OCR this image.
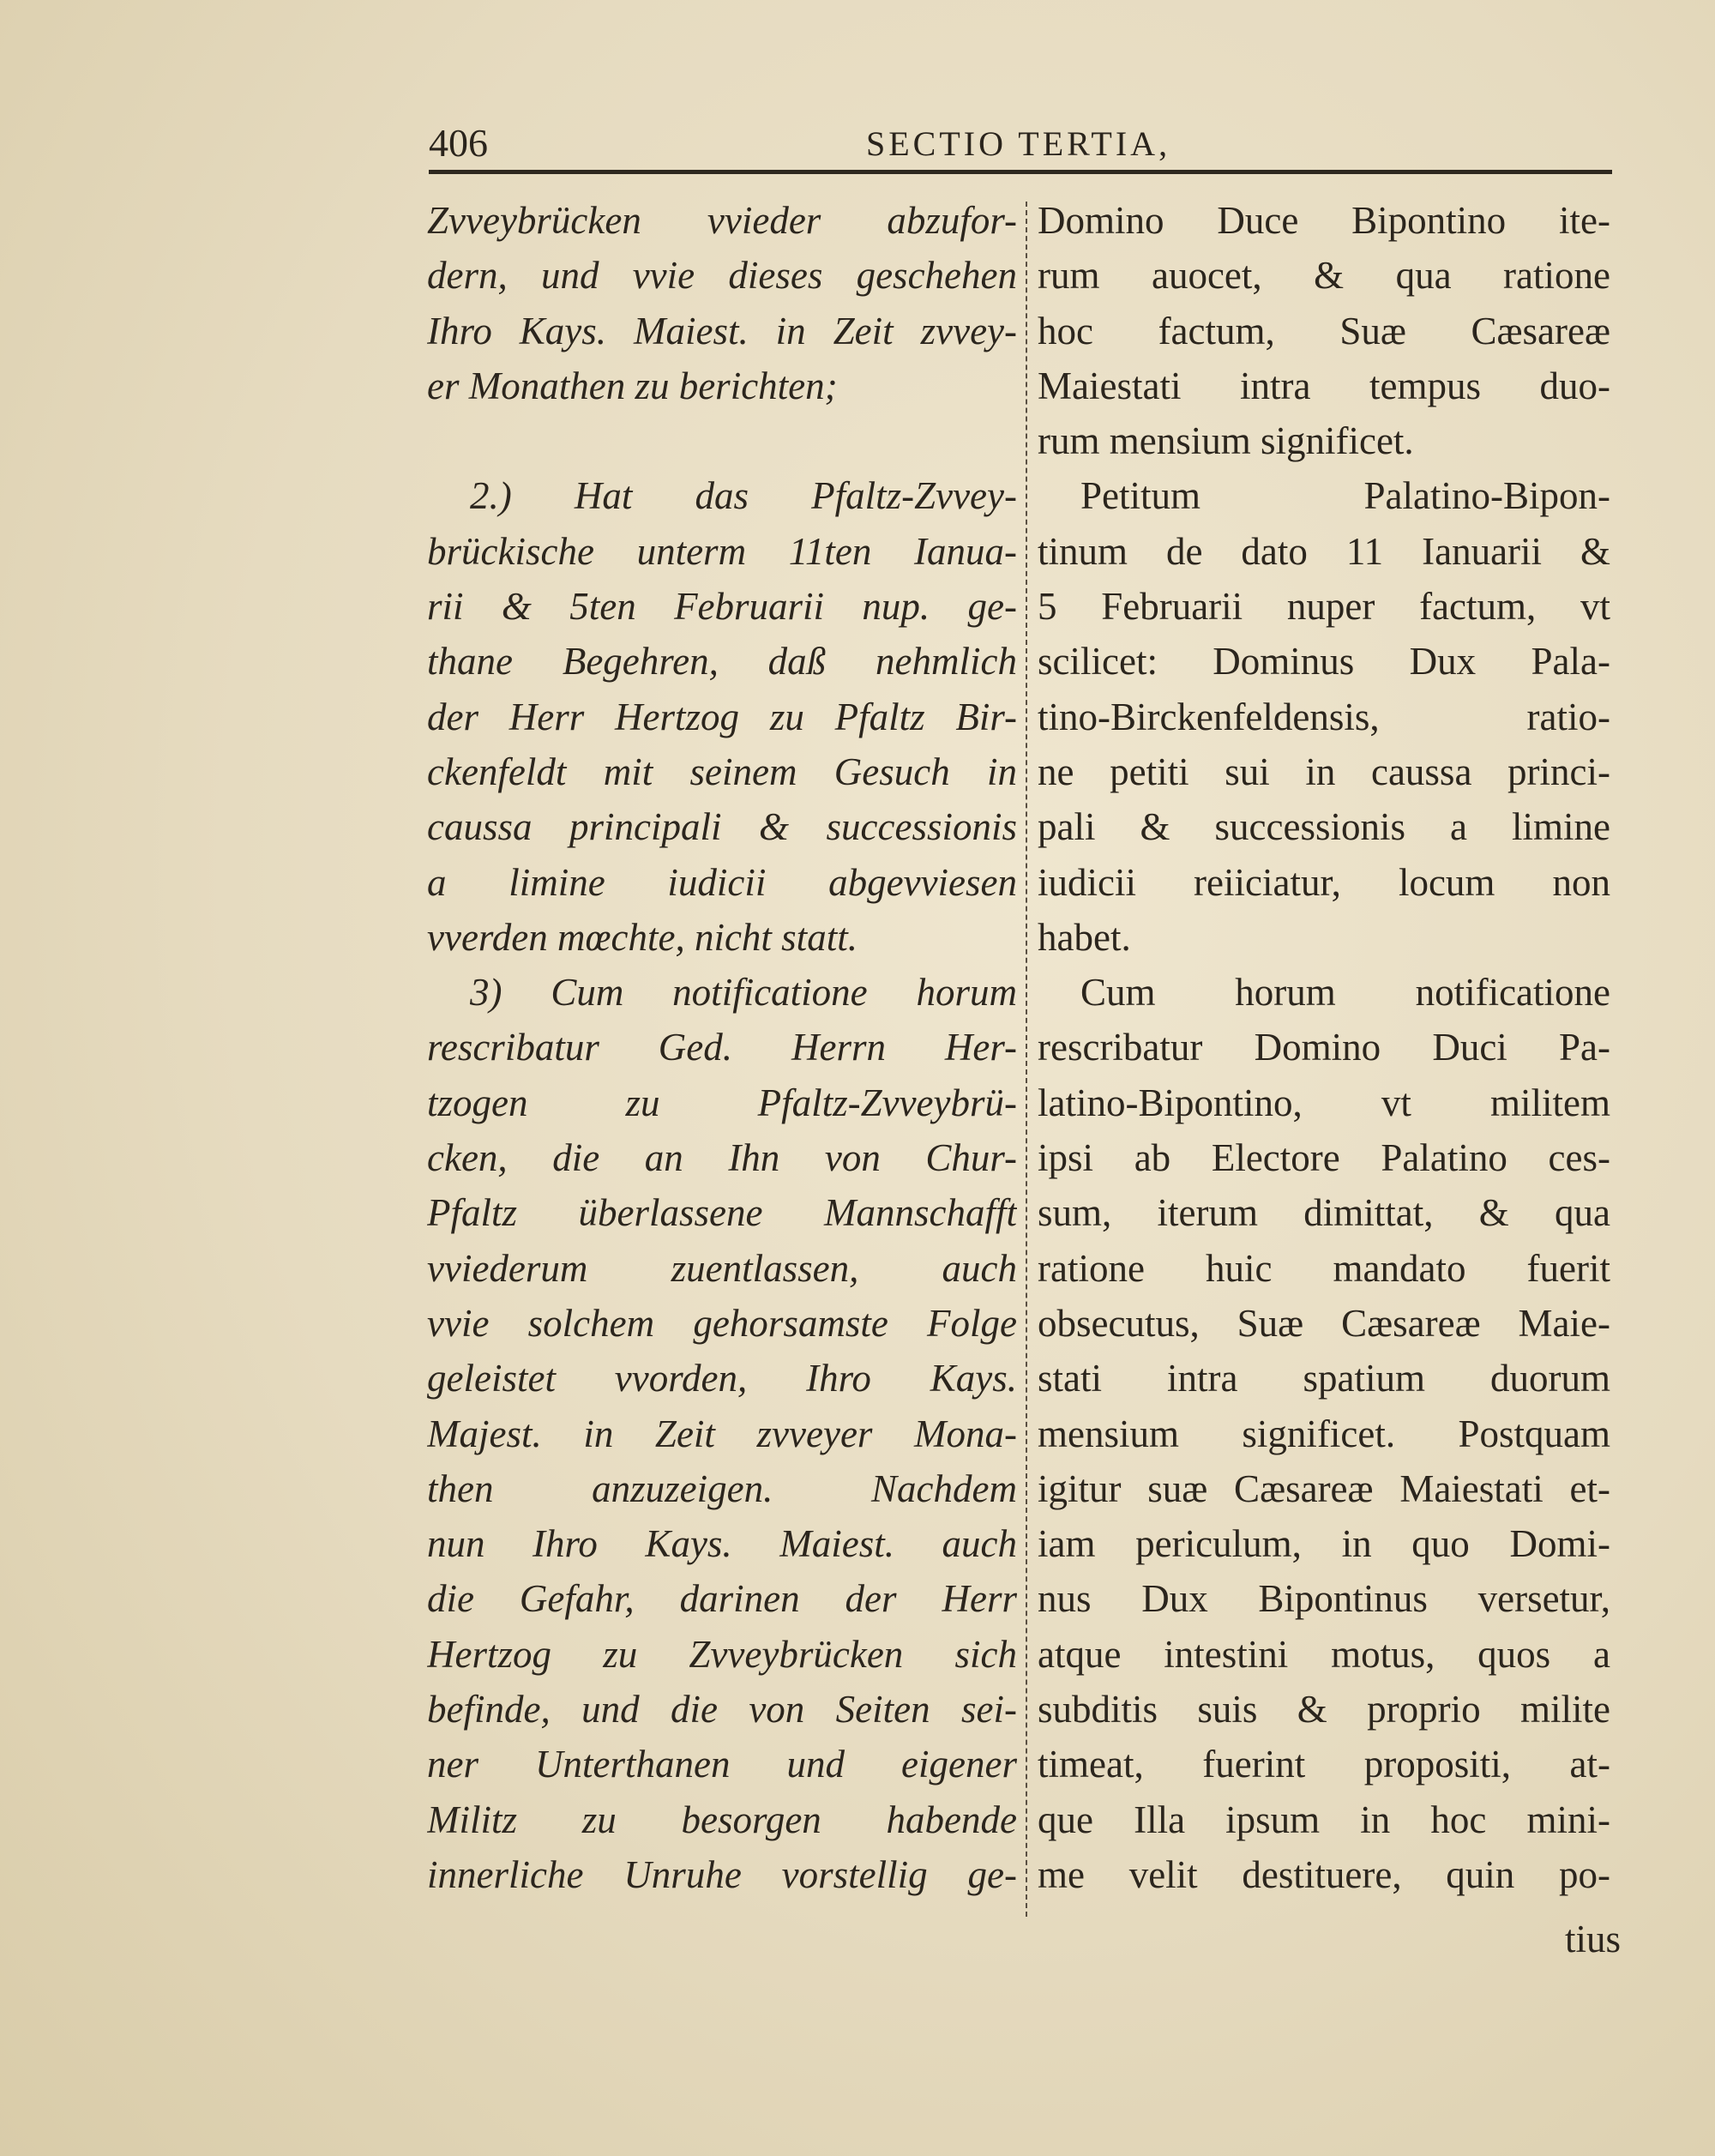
406	SECTIO TERTIA,
Zvveybrücken vvieder abzufor-
dern, und vvie dieses geschehen
Ihro Kays. Maiest. in Zeit zvvey-
er Monathen zu berichten;

2.) Hat das Pfaltz-Zvvey-
brückische unterm 11ten Ianua-
rii & 5ten Februarii nup. ge-
thane Begehren, daß nehmlich
der Herr Hertzog zu Pfaltz Bir-
ckenfeldt mit seinem Gesuch in
caussa principali & successionis
a limine iudicii abgevviesen
vverden mœchte, nicht statt.
3) Cum notificatione horum
rescribatur Ged. Herrn Her-
tzogen zu Pfaltz-Zvveybrü-
cken, die an Ihn von Chur-
Pfaltz überlassene Mannschafft
vviederum zuentlassen, auch
vvie solchem gehorsamste Folge
geleistet vvorden, Ihro Kays.
Majest. in Zeit zvveyer Mona-
then anzuzeigen. Nachdem
nun Ihro Kays. Maiest. auch
die Gefahr, darinen der Herr
Hertzog zu Zvveybrücken sich
befinde, und die von Seiten sei-
ner Unterthanen und eigener
Militz zu besorgen habende
innerliche Unruhe vorstellig ge-
Domino Duce Bipontino ite-
rum auocet, & qua ratione
hoc factum, Suæ Cæsareæ
Maiestati intra tempus duo-
rum mensium significet.
Petitum Palatino-Bipon-
tinum de dato 11 Ianuarii &
5 Februarii nuper factum, vt
scilicet: Dominus Dux Pala-
tino-Birckenfeldensis, ratio-
ne petiti sui in caussa princi-
pali & successionis a limine
iudicii reiiciatur, locum non
habet.
Cum horum notificatione
rescribatur Domino Duci Pa-
latino-Bipontino, vt militem
ipsi ab Electore Palatino ces-
sum, iterum dimittat, & qua
ratione huic mandato fuerit
obsecutus, Suæ Cæsareæ Maie-
stati intra spatium duorum
mensium significet. Postquam
igitur suæ Cæsareæ Maiestati et-
iam periculum, in quo Domi-
nus Dux Bipontinus versetur,
atque intestini motus, quos a
subditis suis & proprio milite
timeat, fuerint propositi, at-
que Illa ipsum in hoc mini-
me velit destituere, quin po-
tius
